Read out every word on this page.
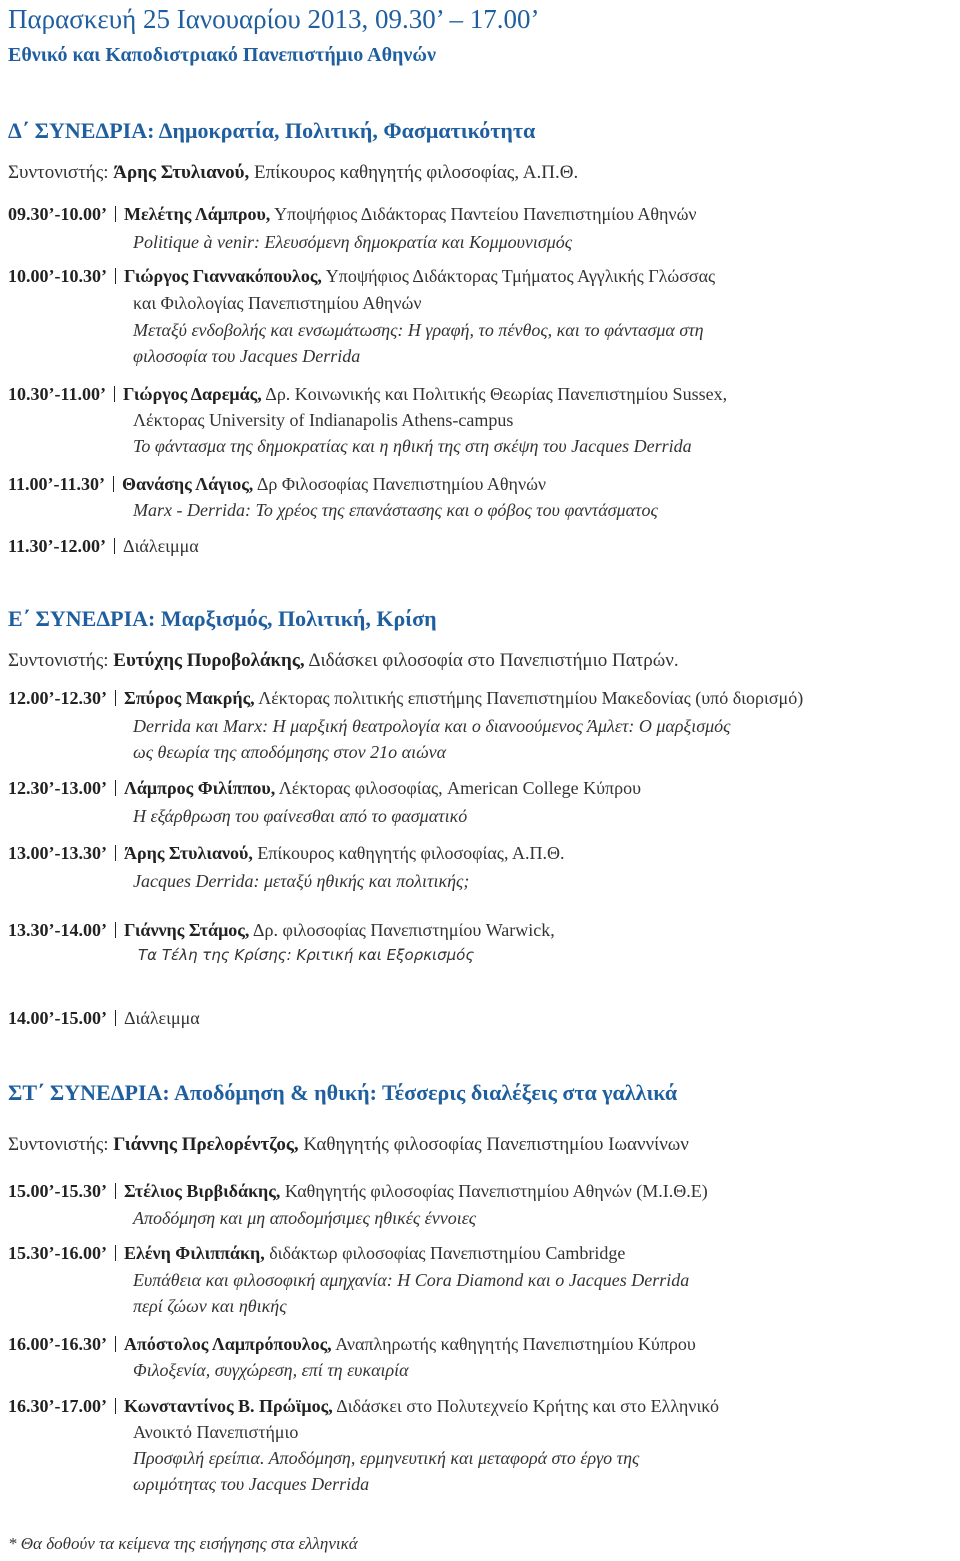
Παρασκευή 25 Ιανουαρίου 2013, 09.30’ – 17.00’
Εθνικό και Καποδιστριακό Πανεπιστήμιο Αθηνών
Δ΄ ΣΥΝΕΔΡΙΑ: Δημοκρατία, Πολιτική, Φασματικότητα
Συντονιστής: Άρης Στυλιανού, Επίκουρος καθηγητής φιλοσοφίας, Α.Π.Θ.
09.30’-10.00’ Μελέτης Λάμπρου, Υποψήφιος Διδάκτορας Παντείου Πανεπιστημίου Αθηνών
Politique à venir: Ελευσόμενη δημοκρατία και Κομμουνισμός
10.00’-10.30’ Γιώργος Γιαννακόπουλος, Υποψήφιος Διδάκτορας Τμήματος Αγγλικής Γλώσσας
και Φιλολογίας Πανεπιστημίου Αθηνών
Μεταξύ ενδοβολής και ενσωμάτωσης: Η γραφή, το πένθος, και το φάντασμα στη
φιλοσοφία του Jacques Derrida
10.30’-11.00’ Γιώργος Δαρεμάς, Δρ. Κοινωνικής και Πολιτικής Θεωρίας Πανεπιστημίου Sussex,
Λέκτορας University of Indianapolis Athens-campus
Το φάντασμα της δημοκρατίας και η ηθική της στη σκέψη του Jacques Derrida
11.00’-11.30’ Θανάσης Λάγιος, Δρ Φιλοσοφίας Πανεπιστημίου Αθηνών
Marx - Derrida: Το χρέος της επανάστασης και ο φόβος του φαντάσματος
11.30’-12.00’ Διάλειμμα
Ε΄ ΣΥΝΕΔΡΙΑ: Μαρξισμός, Πολιτική, Κρίση
Συντονιστής: Ευτύχης Πυροβολάκης, Διδάσκει φιλοσοφία στο Πανεπιστήμιο Πατρών.
12.00’-12.30’ Σπύρος Μακρής, Λέκτορας πολιτικής επιστήμης Πανεπιστημίου Μακεδονίας (υπό διορισμό)
Derrida και Marx: Η μαρξική θεατρολογία και ο διανοούμενος Άμλετ: Ο μαρξισμός
ως θεωρία της αποδόμησης στον 21ο αιώνα
12.30’-13.00’ Λάμπρος Φιλίππου, Λέκτορας φιλοσοφίας, American College Κύπρου
Η εξάρθρωση του φαίνεσθαι από το φασματικό
13.00’-13.30’ Άρης Στυλιανού, Επίκουρος καθηγητής φιλοσοφίας, Α.Π.Θ.
Jacques Derrida: μεταξύ ηθικής και πολιτικής;
13.30’-14.00’ Γιάννης Στάμος, Δρ. φιλοσοφίας Πανεπιστημίου Warwick,
Τα Τέλη της Κρίσης: Κριτική και Εξορκισμός
14.00’-15.00’ Διάλειμμα
ΣΤ΄ ΣΥΝΕΔΡΙΑ: Αποδόμηση & ηθική: Τέσσερις διαλέξεις στα γαλλικά
Συντονιστής: Γιάννης Πρελορέντζος, Καθηγητής φιλοσοφίας Πανεπιστημίου Ιωαννίνων
15.00’-15.30’ Στέλιος Βιρβιδάκης, Καθηγητής φιλοσοφίας Πανεπιστημίου Αθηνών (Μ.Ι.Θ.Ε)
Αποδόμηση και μη αποδομήσιμες ηθικές έννοιες
15.30’-16.00’ Ελένη Φιλιππάκη, διδάκτωρ φιλοσοφίας Πανεπιστημίου Cambridge
Ευπάθεια και φιλοσοφική αμηχανία: Η Cora Diamond και ο Jacques Derrida
περί ζώων και ηθικής
16.00’-16.30’ Απόστολος Λαμπρόπουλος, Αναπληρωτής καθηγητής Πανεπιστημίου Κύπρου
Φιλοξενία, συγχώρεση, επί τη ευκαιρία
16.30’-17.00’ Κωνσταντίνος Β. Πρώϊμος, Διδάσκει στο Πολυτεχνείο Κρήτης και στο Ελληνικό
Ανοικτό Πανεπιστήμιο
Προσφιλή ερείπια. Αποδόμηση, ερμηνευτική και μεταφορά στο έργο της
ωριμότητας του Jacques Derrida
* Θα δοθούν τα κείμενα της εισήγησης στα ελληνικά
